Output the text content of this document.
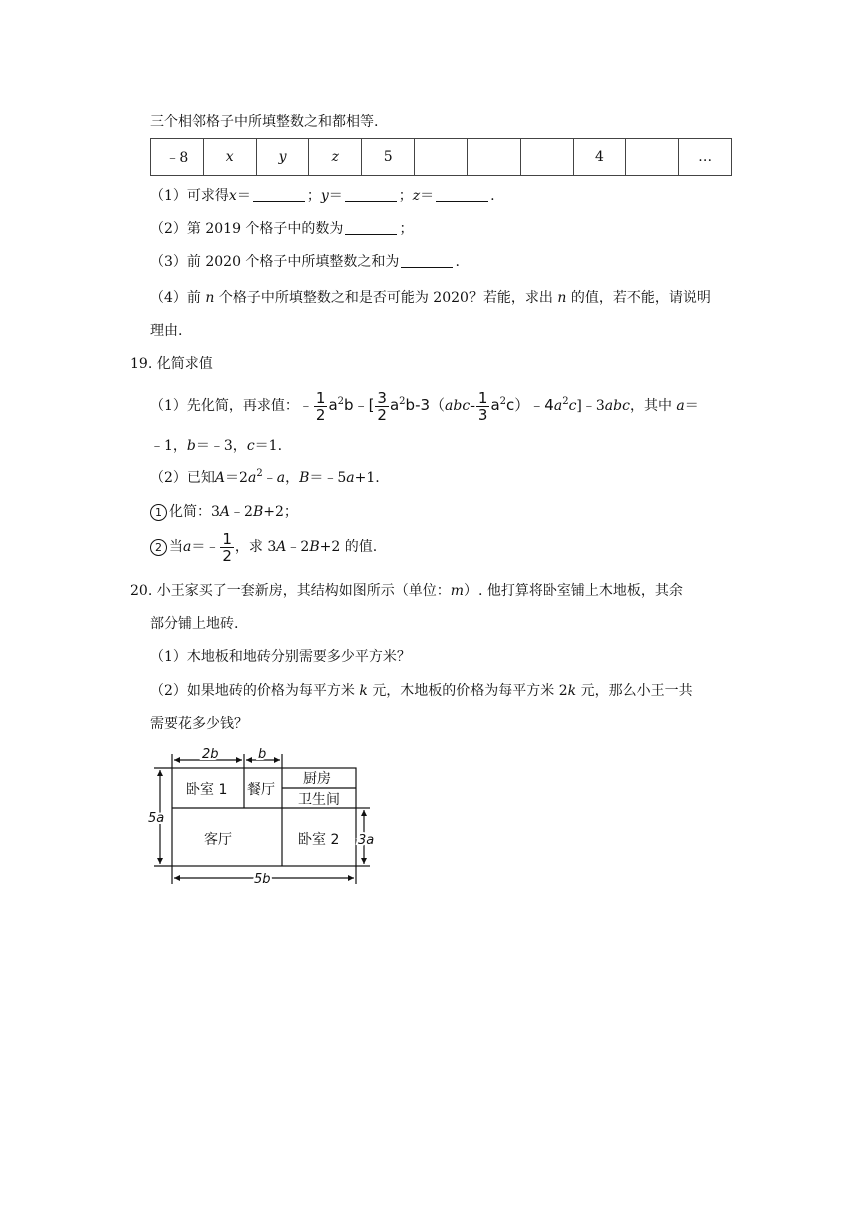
三个相邻格子中所填整数之和都相等.
﹣8	x	y	z	5				4		…
（1）可求得x＝	；y＝	；z＝	.
（2）第 2019 个格子中的数为	；
（3）前 2020 个格子中所填整数之和为	.
（4）前 n 个格子中所填整数之和是否可能为 2020？若能，求出 n 的值，若不能，请说明
理由.
19. 化简求值
（1）先化简，再求值：﹣ $\frac{1}{2}$ $a^2b﹣[ \frac{3}{2} a^2b-3(abc- \frac{1}{3}$ $a^2c)﹣4a^2c]﹣3abc$，其中 a＝
﹣1，b＝﹣3，c＝1.
（2）已知$A=2a^2﹣a$，B＝﹣5a+1.
1 化简：3A﹣2B+2；
2 当a＝﹣ $\frac{1}{2}$ ，求 3A﹣2B+2 的值.
20. 小王家买了一套新房，其结构如图所示（单位：m）. 他打算将卧室铺上木地板，其余
部分铺上地砖.
（1）木地板和地砖分别需要多少平方米？
（2）如果地砖的价格为每平方米 k 元，木地板的价格为每平方米 2k 元，那么小王一共
需要花多少钱？
2b	b
5a
3a
5b
卧室 1 餐厅
厨房
卫生间
客厅	卧室 2
